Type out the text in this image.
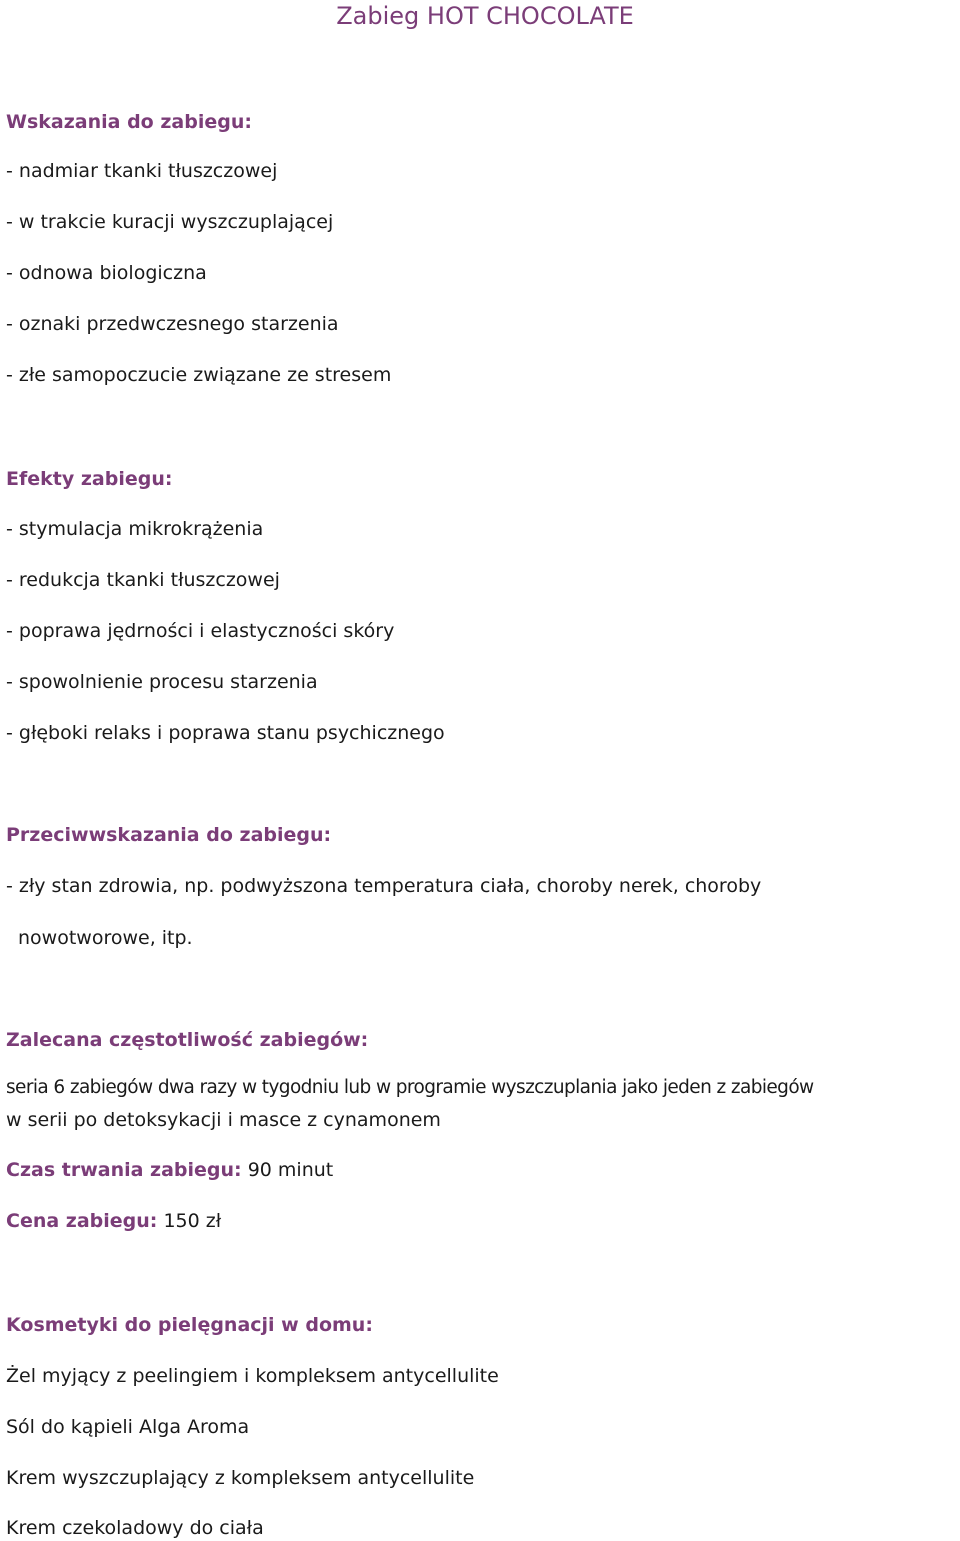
Zabieg HOT CHOCOLATE
Wskazania do zabiegu:
- nadmiar tkanki tłuszczowej
- w trakcie kuracji wyszczuplającej
- odnowa biologiczna
- oznaki przedwczesnego starzenia
- złe samopoczucie związane ze stresem
Efekty zabiegu:
- stymulacja mikrokrążenia
- redukcja tkanki tłuszczowej
- poprawa jędrności i elastyczności skóry
- spowolnienie procesu starzenia
- głęboki relaks i poprawa stanu psychicznego
Przeciwwskazania do zabiegu:
- zły stan zdrowia, np. podwyższona temperatura ciała, choroby nerek, choroby
nowotworowe, itp.
Zalecana częstotliwość zabiegów:
seria 6 zabiegów dwa razy w tygodniu lub w programie wyszczuplania jako jeden z zabiegów
w serii po detoksykacji i masce z cynamonem
Czas trwania zabiegu: 90 minut
Cena zabiegu: 150 zł
Kosmetyki do pielęgnacji w domu:
Żel myjący z peelingiem i kompleksem antycellulite
Sól do kąpieli Alga Aroma
Krem wyszczuplający z kompleksem antycellulite
Krem czekoladowy do ciała
